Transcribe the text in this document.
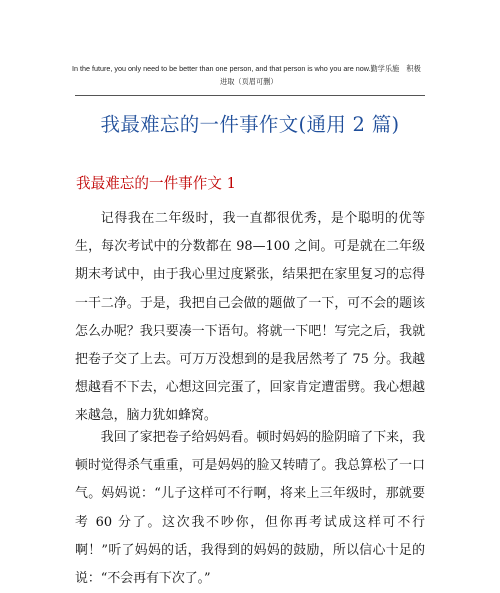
In the future, you only need to be better than one person, and that person is who you are now.勤学乐施　积极
进取（页眉可删）
我最难忘的一件事作文(通用 2 篇)
我最难忘的一件事作文 1

记得我在二年级时，我一直都很优秀，是个聪明的优等生，每次考试中的分数都在 98—100 之间。可是就在二年级期末考试中，由于我心里过度紧张，结果把在家里复习的忘得一干二净。于是，我把自己会做的题做了一下，可不会的题该怎么办呢？我只要凑一下语句。将就一下吧！写完之后，我就把卷子交了上去。可万万没想到的是我居然考了 75 分。我越想越看不下去，心想这回完蛋了，回家肯定遭雷劈。我心想越来越急，脑力犹如蜂窝。

我回了家把卷子给妈妈看。顿时妈妈的脸阴暗了下来，我顿时觉得杀气重重，可是妈妈的脸又转晴了。我总算松了一口气。妈妈说：“儿子这样可不行啊，将来上三年级时，那就要考 60 分了。这次我不吵你，但你再考试成这样可不行啊！”听了妈妈的话，我得到的妈妈的鼓励，所以信心十足的说：“不会再有下次了。”
